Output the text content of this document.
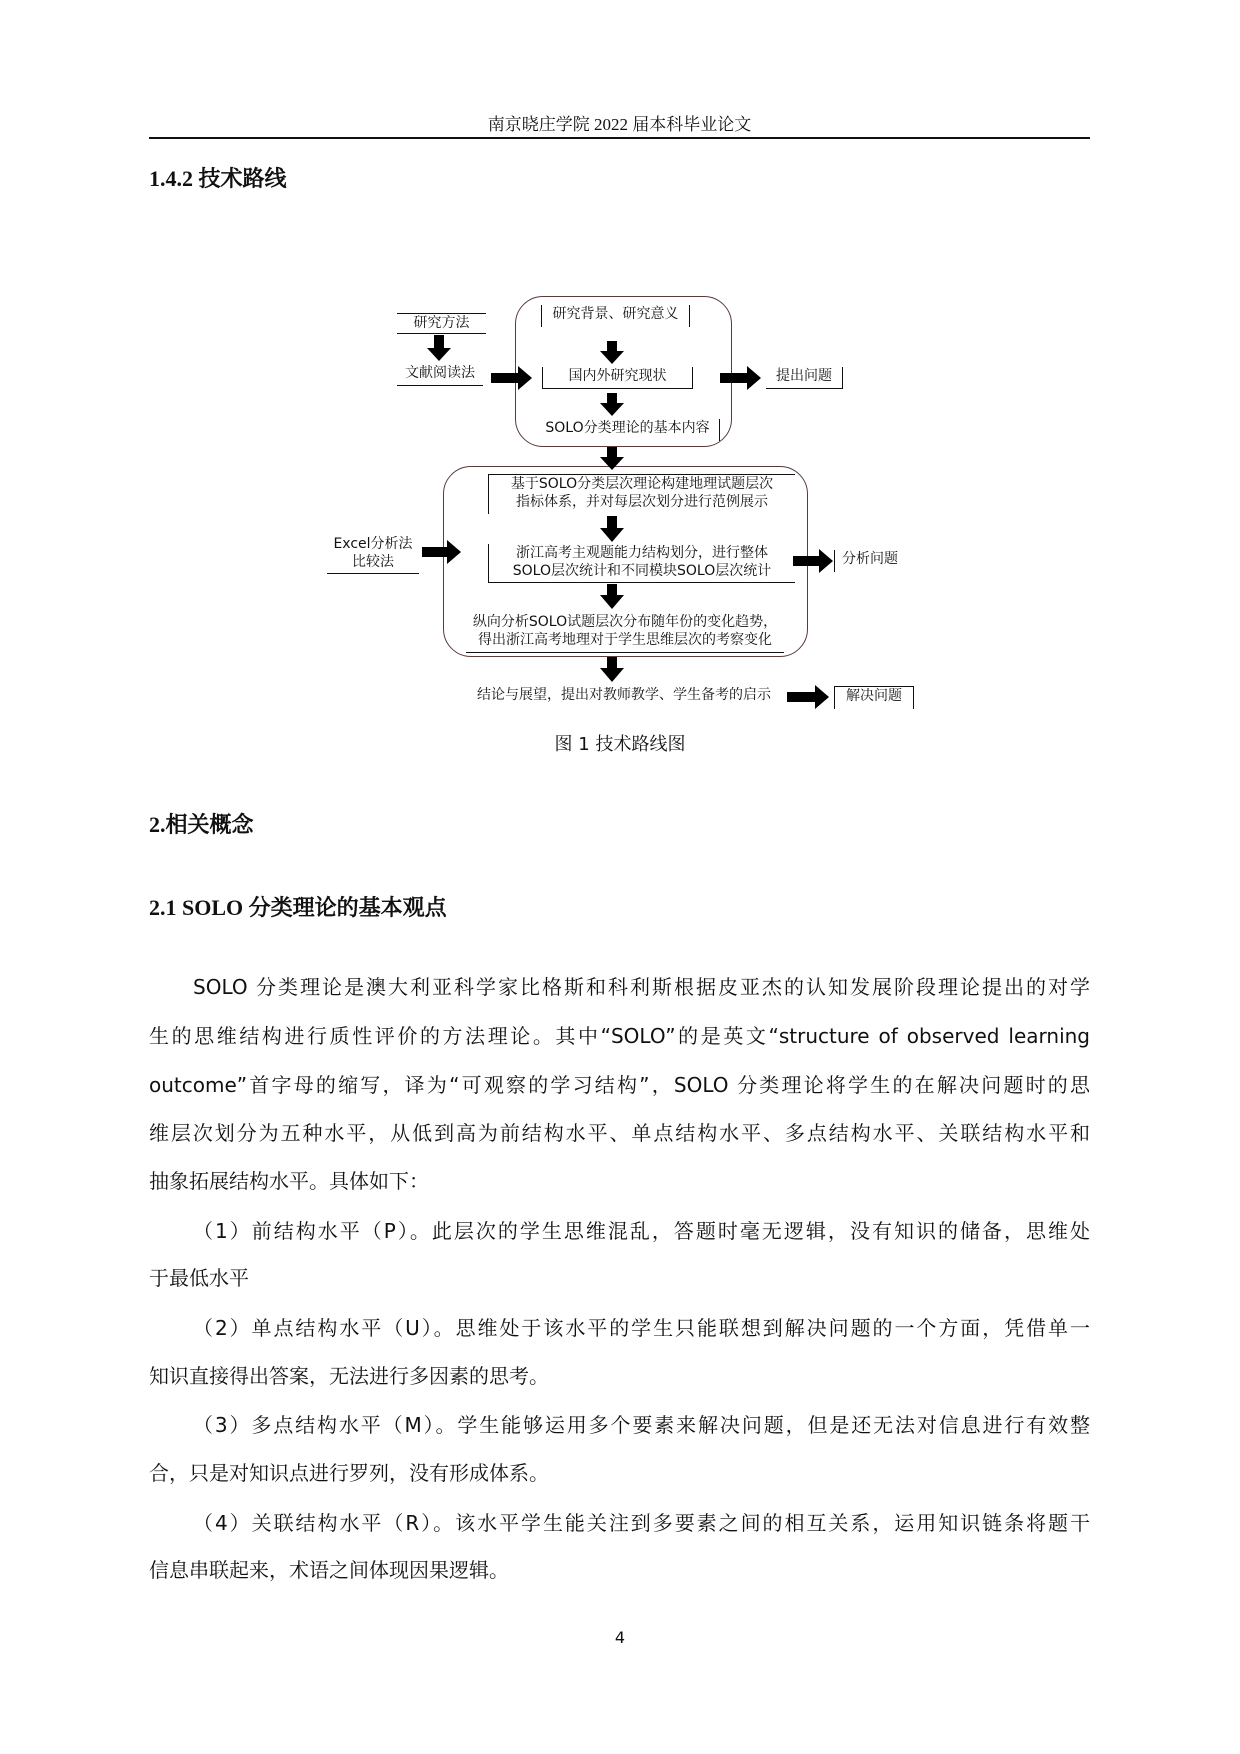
南京晓庄学院 2022 届本科毕业论文
1.4.2 技术路线
研究方法
文献阅读法
研究背景、研究意义
国内外研究现状
SOLO分类理论的基本内容
提出问题
基于SOLO分类层次理论构建地理试题层次
指标体系，并对每层次划分进行范例展示
浙江高考主观题能力结构划分，进行整体
SOLO层次统计和不同模块SOLO层次统计
纵向分析SOLO试题层次分布随年份的变化趋势，
得出浙江高考地理对于学生思维层次的考察变化
Excel分析法
比较法	分析问题
结论与展望，提出对教师教学、学生备考的启示	解决问题
图 1 技术路线图
2.相关概念
2.1 SOLO 分类理论的基本观点
SOLO 分类理论是澳大利亚科学家比格斯和科利斯根据皮亚杰的认知发展阶段理论提出的对学
生的思维结构进行质性评价的方法理论。其中“SOLO”的是英文“structure of observed learning
outcome”首字母的缩写，译为“可观察的学习结构”，SOLO 分类理论将学生的在解决问题时的思
维层次划分为五种水平，从低到高为前结构水平、单点结构水平、多点结构水平、关联结构水平和
抽象拓展结构水平。具体如下：
（1）前结构水平（P）。此层次的学生思维混乱，答题时毫无逻辑，没有知识的储备，思维处
于最低水平
（2）单点结构水平（U）。思维处于该水平的学生只能联想到解决问题的一个方面，凭借单一
知识直接得出答案，无法进行多因素的思考。
（3）多点结构水平（M）。学生能够运用多个要素来解决问题，但是还无法对信息进行有效整
合，只是对知识点进行罗列，没有形成体系。
（4）关联结构水平（R）。该水平学生能关注到多要素之间的相互关系，运用知识链条将题干
信息串联起来，术语之间体现因果逻辑。
4
